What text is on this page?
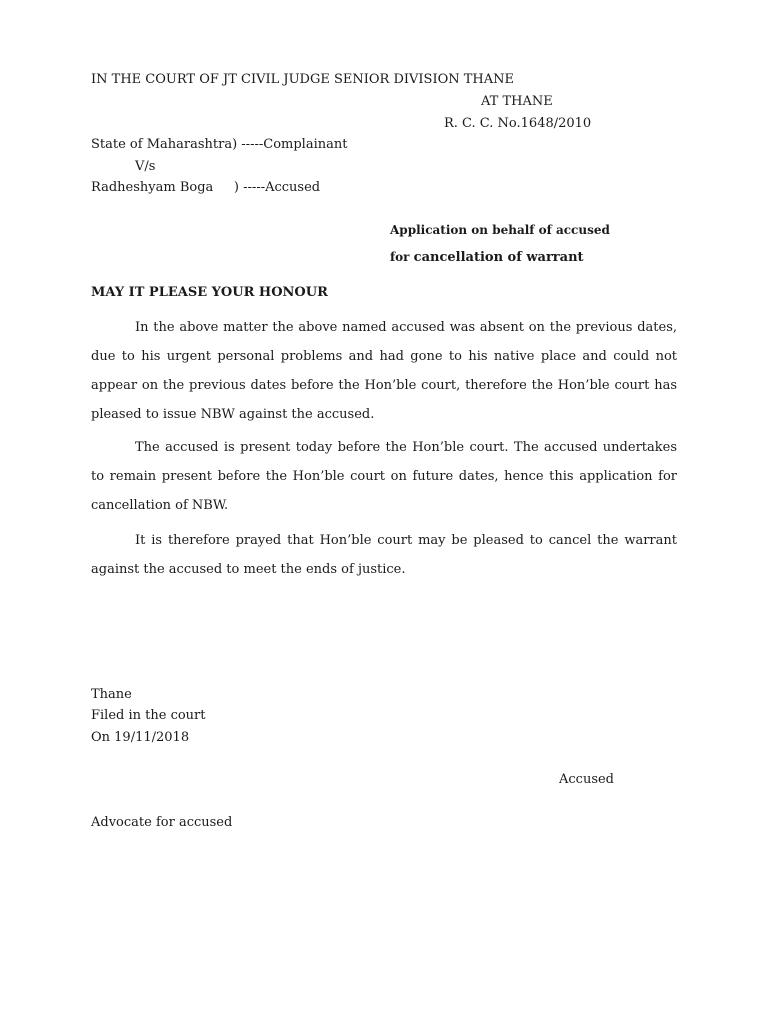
IN THE COURT OF JT CIVIL JUDGE SENIOR DIVISION THANE

AT THANE

R. C. C. No.1648/2010

State of Maharashtra) -----Complainant

V/s

Radheshyam Boga     ) -----Accused

Application on behalf of accused

for cancellation of warrant

MAY IT PLEASE YOUR HONOUR

In the above matter the above named accused was absent on the previous dates, due to his urgent personal problems and had gone to his native place and could not appear on the previous dates before the Hon’ble court, therefore the Hon’ble court has pleased to issue NBW against the accused.

The accused is present today before the Hon’ble court. The accused undertakes to remain present before the Hon’ble court on future dates, hence this application for cancellation of NBW.

It is therefore prayed that Hon’ble court may be pleased to cancel the warrant against the accused to meet the ends of justice.

Thane

Filed in the court

On 19/11/2018

Accused

Advocate for accused
